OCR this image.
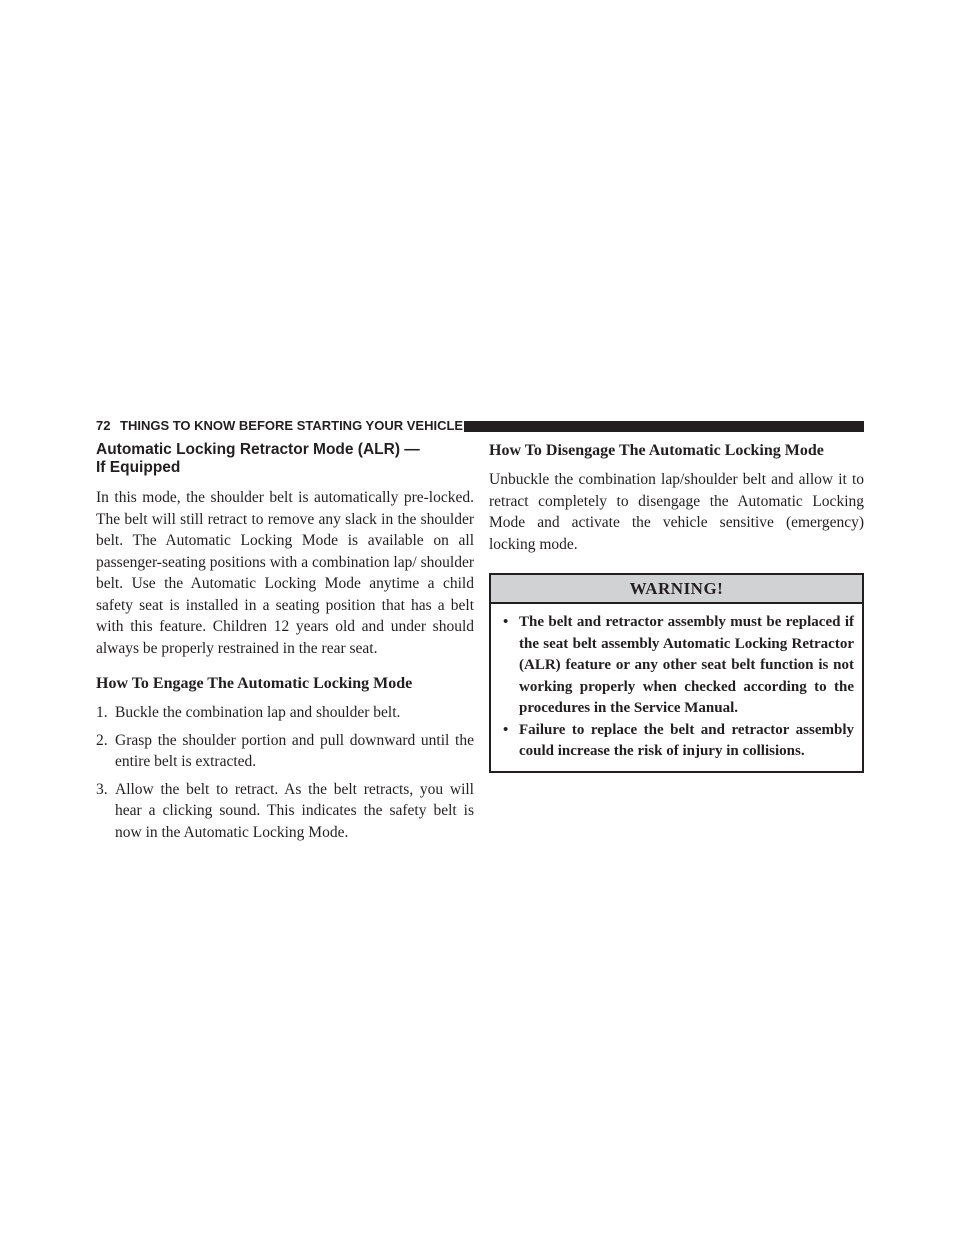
72 THINGS TO KNOW BEFORE STARTING YOUR VEHICLE
Automatic Locking Retractor Mode (ALR) —
If Equipped

In this mode, the shoulder belt is automatically pre-locked. The belt will still retract to remove any slack in the shoulder belt. The Automatic Locking Mode is available on all passenger-seating positions with a combination lap/ shoulder belt. Use the Automatic Locking Mode anytime a child safety seat is installed in a seating position that has a belt with this feature. Children 12 years old and under should always be properly restrained in the rear seat.

How To Engage The Automatic Locking Mode
1. Buckle the combination lap and shoulder belt.
2. Grasp the shoulder portion and pull downward until the entire belt is extracted.
3. Allow the belt to retract. As the belt retracts, you will hear a clicking sound. This indicates the safety belt is now in the Automatic Locking Mode.
How To Disengage The Automatic Locking Mode

Unbuckle the combination lap/shoulder belt and allow it to retract completely to disengage the Automatic Locking Mode and activate the vehicle sensitive (emergency) locking mode.

WARNING!
• The belt and retractor assembly must be replaced if the seat belt assembly Automatic Locking Retractor (ALR) feature or any other seat belt function is not working properly when checked according to the procedures in the Service Manual.
• Failure to replace the belt and retractor assembly could increase the risk of injury in collisions.
